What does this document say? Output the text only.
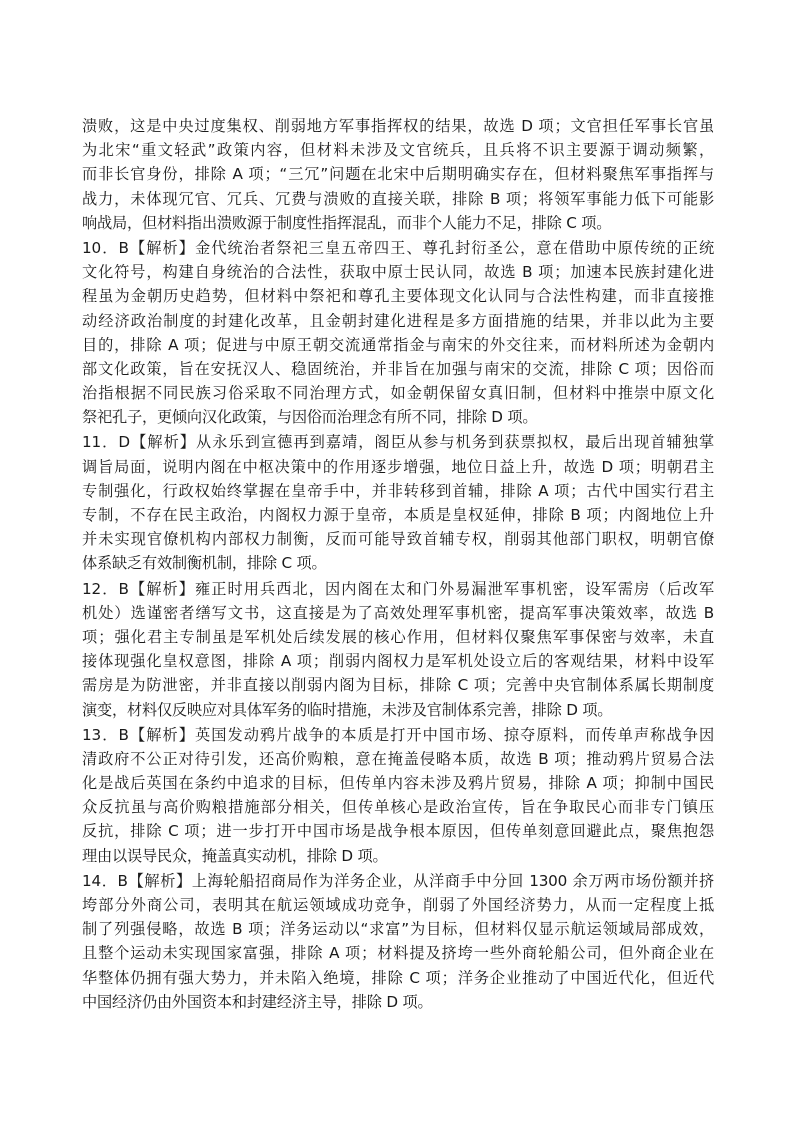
溃败，这是中央过度集权、削弱地方军事指挥权的结果，故选 D 项；文官担任军事长官虽
为北宋“重文轻武”政策内容，但材料未涉及文官统兵，且兵将不识主要源于调动频繁，
而非长官身份，排除 A 项；“三冗”问题在北宋中后期明确实存在，但材料聚焦军事指挥与
战力，未体现冗官、冗兵、冗费与溃败的直接关联，排除 B 项；将领军事能力低下可能影
响战局，但材料指出溃败源于制度性指挥混乱，而非个人能力不足，排除 C 项。
10．B【解析】金代统治者祭祀三皇五帝四王、尊孔封衍圣公，意在借助中原传统的正统
文化符号，构建自身统治的合法性，获取中原士民认同，故选 B 项；加速本民族封建化进
程虽为金朝历史趋势，但材料中祭祀和尊孔主要体现文化认同与合法性构建，而非直接推
动经济政治制度的封建化改革，且金朝封建化进程是多方面措施的结果，并非以此为主要
目的，排除 A 项；促进与中原王朝交流通常指金与南宋的外交往来，而材料所述为金朝内
部文化政策，旨在安抚汉人、稳固统治，并非旨在加强与南宋的交流，排除 C 项；因俗而
治指根据不同民族习俗采取不同治理方式，如金朝保留女真旧制，但材料中推崇中原文化
祭祀孔子，更倾向汉化政策，与因俗而治理念有所不同，排除 D 项。
11．D【解析】从永乐到宣德再到嘉靖，阁臣从参与机务到获票拟权，最后出现首辅独掌
调旨局面，说明内阁在中枢决策中的作用逐步增强，地位日益上升，故选 D 项；明朝君主
专制强化，行政权始终掌握在皇帝手中，并非转移到首辅，排除 A 项；古代中国实行君主
专制，不存在民主政治，内阁权力源于皇帝，本质是皇权延伸，排除 B 项；内阁地位上升
并未实现官僚机构内部权力制衡，反而可能导致首辅专权，削弱其他部门职权，明朝官僚
体系缺乏有效制衡机制，排除 C 项。
12．B【解析】雍正时用兵西北，因内阁在太和门外易漏泄军事机密，设军需房（后改军
机处）选谨密者缮写文书，这直接是为了高效处理军事机密，提高军事决策效率，故选 B
项；强化君主专制虽是军机处后续发展的核心作用，但材料仅聚焦军事保密与效率，未直
接体现强化皇权意图，排除 A 项；削弱内阁权力是军机处设立后的客观结果，材料中设军
需房是为防泄密，并非直接以削弱内阁为目标，排除 C 项；完善中央官制体系属长期制度
演变，材料仅反映应对具体军务的临时措施，未涉及官制体系完善，排除 D 项。
13．B【解析】英国发动鸦片战争的本质是打开中国市场、掠夺原料，而传单声称战争因
清政府不公正对待引发，还高价购粮，意在掩盖侵略本质，故选 B 项；推动鸦片贸易合法
化是战后英国在条约中追求的目标，但传单内容未涉及鸦片贸易，排除 A 项；抑制中国民
众反抗虽与高价购粮措施部分相关，但传单核心是政治宣传，旨在争取民心而非专门镇压
反抗，排除 C 项；进一步打开中国市场是战争根本原因，但传单刻意回避此点，聚焦抱怨
理由以误导民众，掩盖真实动机，排除 D 项。
14．B【解析】上海轮船招商局作为洋务企业，从洋商手中分回 1300 余万两市场份额并挤
垮部分外商公司，表明其在航运领域成功竞争，削弱了外国经济势力，从而一定程度上抵
制了列强侵略，故选 B 项；洋务运动以“求富”为目标，但材料仅显示航运领域局部成效，
且整个运动未实现国家富强，排除 A 项；材料提及挤垮一些外商轮船公司，但外商企业在
华整体仍拥有强大势力，并未陷入绝境，排除 C 项；洋务企业推动了中国近代化，但近代
中国经济仍由外国资本和封建经济主导，排除 D 项。
